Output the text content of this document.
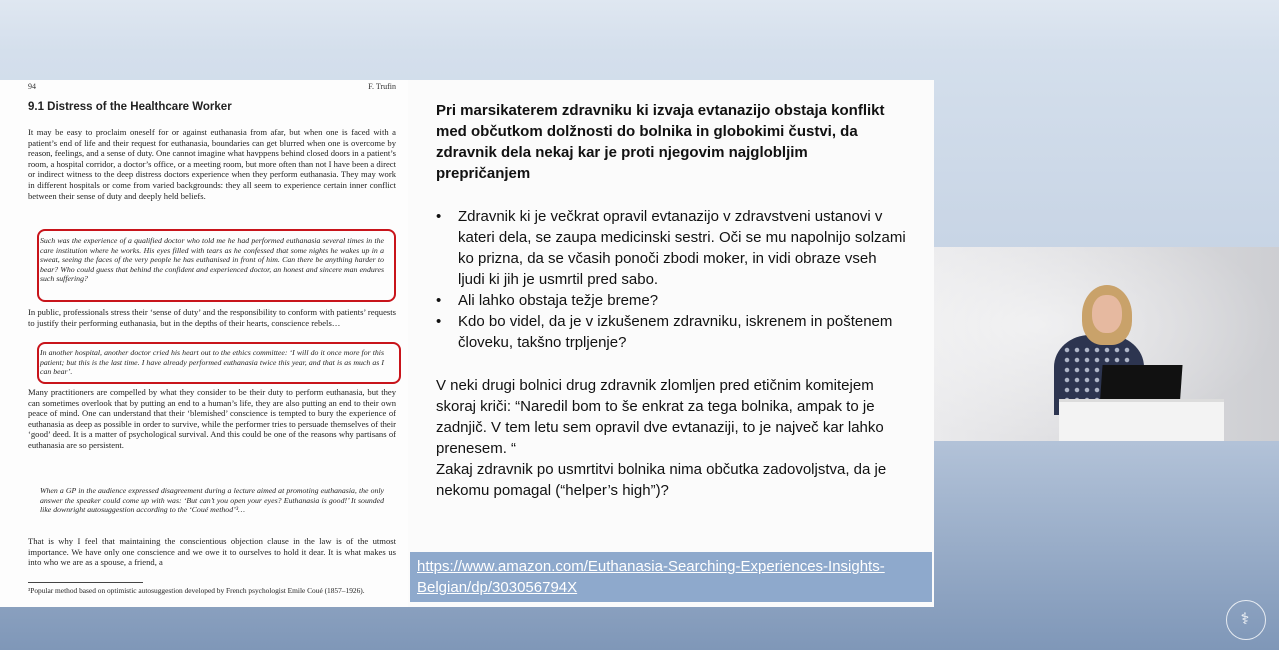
94	F. Trufin
9.1 Distress of the Healthcare Worker

It may be easy to proclaim oneself for or against euthanasia from afar, but when one is faced with a patient’s end of life and their request for euthanasia, boundaries can get blurred when one is overcome by reason, feelings, and a sense of duty. One cannot imagine what havppens behind closed doors in a patient’s room, a hospital corridor, a doctor’s office, or a meeting room, but more often than not I have been a direct or indirect witness to the deep distress doctors experience when they perform euthanasia. They may work in different hospitals or come from varied backgrounds: they all seem to experience certain inner conflict between their sense of duty and deeply held beliefs.

Such was the experience of a qualified doctor who told me he had performed euthanasia several times in the care institution where he works. His eyes filled with tears as he confessed that some nights he wakes up in a sweat, seeing the faces of the very people he has euthanised in front of him. Can there be anything harder to bear? Who could guess that behind the confident and experienced doctor, an honest and sincere man endures such suffering?

In public, professionals stress their ‘sense of duty’ and the responsibility to conform with patients’ requests to justify their performing euthanasia, but in the depths of their hearts, conscience rebels…

In another hospital, another doctor cried his heart out to the ethics committee: ‘I will do it once more for this patient; but this is the last time. I have already performed euthanasia twice this year, and that is as much as I can bear’.

Many practitioners are compelled by what they consider to be their duty to perform euthanasia, but they can sometimes overlook that by putting an end to a human’s life, they are also putting an end to their own peace of mind. One can understand that their ‘blemished’ conscience is tempted to bury the experience of euthanasia as deep as possible in order to survive, while the performer tries to persuade themselves of their ‘good’ deed. It is a matter of psychological survival. And this could be one of the reasons why partisans of euthanasia are so persistent.

When a GP in the audience expressed disagreement during a lecture aimed at promoting euthanasia, the only answer the speaker could come up with was: ‘But can’t you open your eyes? Euthanasia is good!’ It sounded like downright autosuggestion according to the ‘Coué method’³…

That is why I feel that maintaining the conscientious objection clause in the law is of the utmost importance. We have only one conscience and we owe it to ourselves to hold it dear. It is what makes us into who we are as a spouse, a friend, a

³Popular method based on optimistic autosuggestion developed by French psychologist Emile Coué (1857–1926).

Pri marsikaterem zdravniku ki izvaja evtanazijo obstaja konflikt med občutkom dolžnosti do bolnika in globokimi čustvi, da zdravnik dela nekaj kar je proti njegovim najglobljim prepričanjem

• Zdravnik ki je večkrat opravil evtanazijo v zdravstveni ustanovi v kateri dela, se zaupa medicinski sestri. Oči se mu napolnijo solzami ko prizna, da se včasih ponoči zbodi moker, in vidi obraze vseh ljudi ki jih je usmrtil pred sabo.
• Ali lahko obstaja težje breme?
• Kdo bo videl, da je v izkušenem zdravniku, iskrenem in poštenem človeku, takšno trpljenje?

V neki drugi bolnici drug zdravnik zlomljen pred etičnim komitejem skoraj kriči: “Naredil bom to še enkrat za tega bolnika, ampak to je zadnjič. V tem letu sem opravil dve evtanaziji, to je največ kar lahko prenesem. “
Zakaj zdravnik po usmrtitvi bolnika nima občutka zadovoljstva, da je nekomu pomagal (“helper’s high”)?

https://www.amazon.com/Euthanasia-Searching-Experiences-Insights-Belgian/dp/303056794X
⚕
